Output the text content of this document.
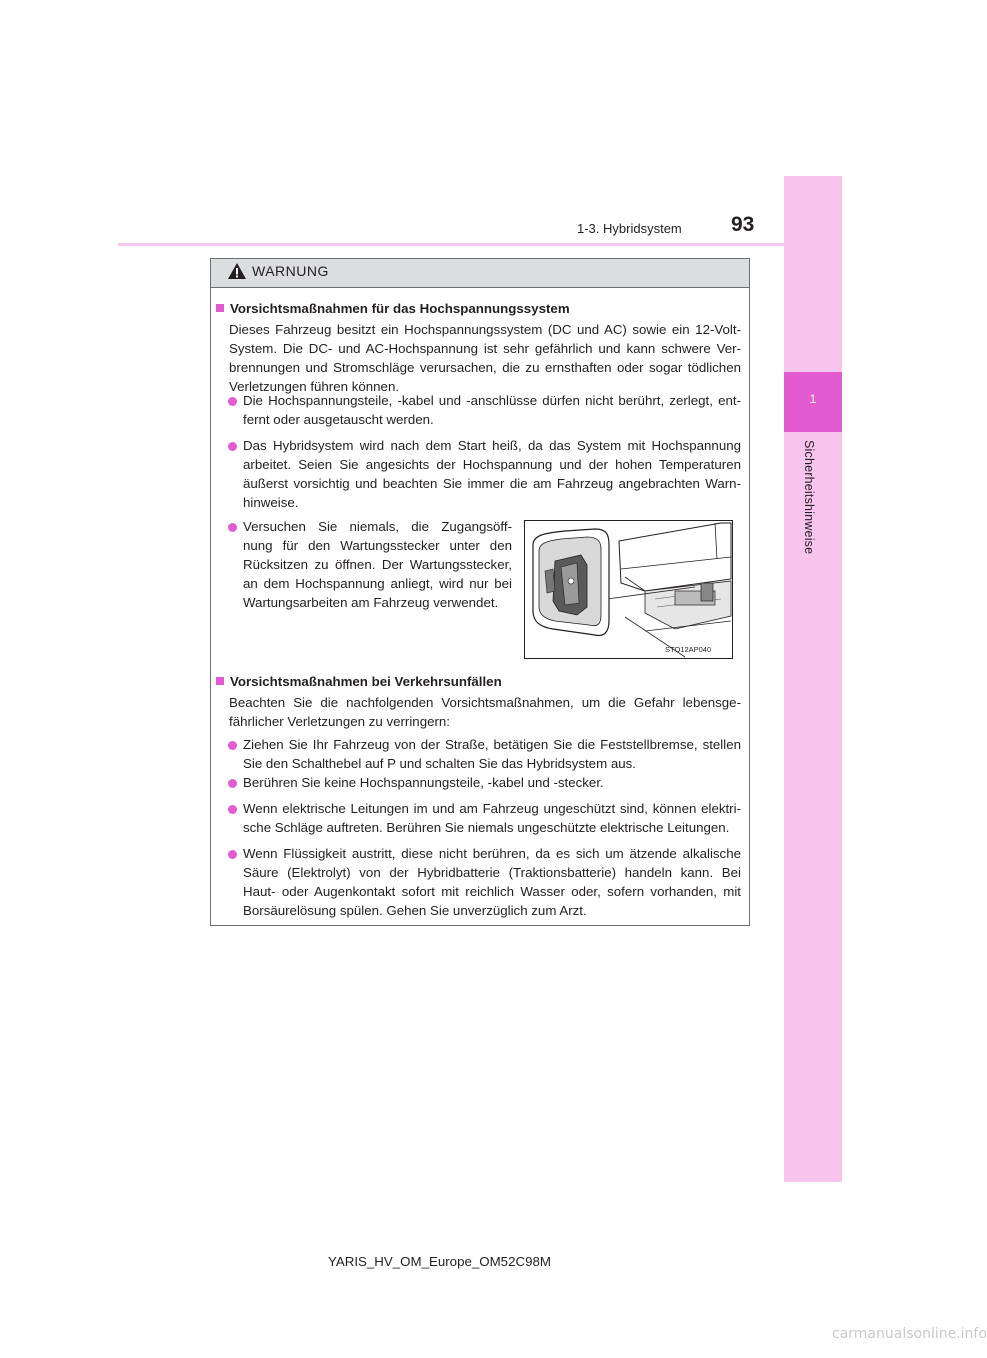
1
Sicherheitshinweise
1-3. Hybridsystem 93
WARNUNG
Vorsichtsmaßnahmen für das Hochspannungssystem
Dieses Fahrzeug besitzt ein Hochspannungssystem (DC und AC) sowie ein 12-Volt-
System. Die DC- und AC-Hochspannung ist sehr gefährlich und kann schwere Ver-
brennungen und Stromschläge verursachen, die zu ernsthaften oder sogar tödlichen
Verletzungen führen können.
Die Hochspannungsteile, -kabel und -anschlüsse dürfen nicht berührt, zerlegt, ent-
fernt oder ausgetauscht werden.
Das Hybridsystem wird nach dem Start heiß, da das System mit Hochspannung
arbeitet. Seien Sie angesichts der Hochspannung und der hohen Temperaturen
äußerst vorsichtig und beachten Sie immer die am Fahrzeug angebrachten Warn-
hinweise.
Versuchen Sie niemals, die Zugangsöff-
nung für den Wartungsstecker unter den
Rücksitzen zu öffnen. Der Wartungsstecker,
an dem Hochspannung anliegt, wird nur bei
Wartungsarbeiten am Fahrzeug verwendet.
STO12AP040
Vorsichtsmaßnahmen bei Verkehrsunfällen
Beachten Sie die nachfolgenden Vorsichtsmaßnahmen, um die Gefahr lebensge-
fährlicher Verletzungen zu verringern:
Ziehen Sie Ihr Fahrzeug von der Straße, betätigen Sie die Feststellbremse, stellen
Sie den Schalthebel auf P und schalten Sie das Hybridsystem aus.
Berühren Sie keine Hochspannungsteile, -kabel und -stecker.
Wenn elektrische Leitungen im und am Fahrzeug ungeschützt sind, können elektri-
sche Schläge auftreten. Berühren Sie niemals ungeschützte elektrische Leitungen.
Wenn Flüssigkeit austritt, diese nicht berühren, da es sich um ätzende alkalische
Säure (Elektrolyt) von der Hybridbatterie (Traktionsbatterie) handeln kann. Bei
Haut- oder Augenkontakt sofort mit reichlich Wasser oder, sofern vorhanden, mit
Borsäurelösung spülen. Gehen Sie unverzüglich zum Arzt.
YARIS_HV_OM_Europe_OM52C98M
carmanualsonline.info
